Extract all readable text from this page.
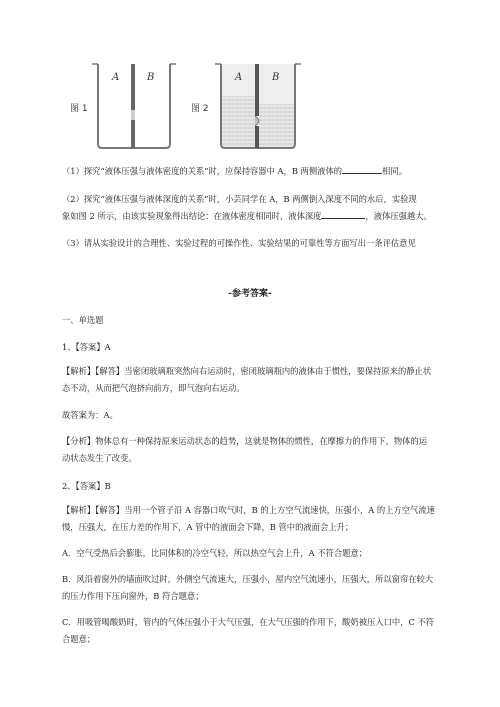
图 1
A	B
图 2
A	B
（1）探究“液体压强与液体密度的关系”时，应保持容器中 A，B 两侧液体的	相同。
（2）探究“液体压强与液体深度的关系”时，小芸同学在 A，B 两侧倒入深度不同的水后，实验现
象如图 2 所示，由该实验现象得出结论：在液体密度相同时，液体深度	，液体压强越大。
（3）请从实验设计的合理性、实验过程的可操作性、实验结果的可靠性等方面写出一条评估意见
-参考答案-
一、单选题
1、【答案】A
【解析】【解答】当密闭玻璃瓶突然向右运动时，密闭玻璃瓶内的液体由于惯性，要保持原来的静止状
态不动，从而把气泡挤向前方，即气泡向右运动。
故答案为：A。
【分析】物体总有一种保持原来运动状态的趋势，这就是物体的惯性，在摩擦力的作用下，物体的运
动状态发生了改变。
2、【答案】B
【解析】【解答】当用一个管子沿 A 容器口吹气时，B 的上方空气流速快，压强小，A 的上方空气流速
慢，压强大，在压力差的作用下，A 管中的液面会下降，B 管中的液面会上升；
A．空气受热后会膨胀，比同体积的冷空气轻，所以热空气会上升，A 不符合题意；
B．风沿着窗外的墙面吹过时，外侧空气流速大，压强小，屋内空气流速小，压强大，所以窗帘在较大
的压力作用下压向窗外，B 符合题意；
C．用吸管喝酸奶时，管内的气体压强小于大气压强，在大气压强的作用下，酸奶被压入口中，C 不符
合题意；
